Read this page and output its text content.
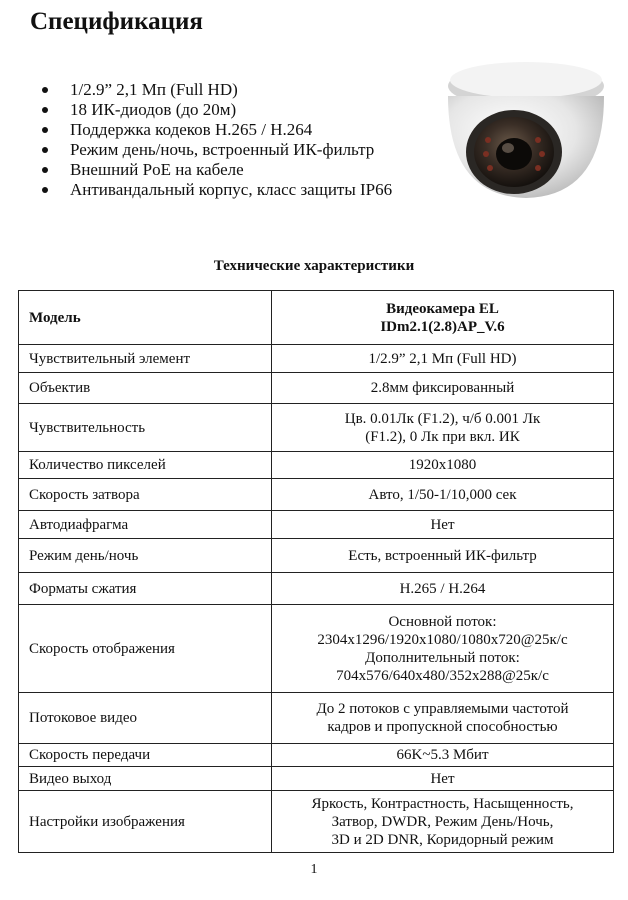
Спецификация
1/2.9” 2,1 Мп (Full HD)
18 ИК-диодов (до 20м)
Поддержка кодеков H.265 / H.264
Режим день/ночь, встроенный ИК-фильтр
Внешний PoE на кабеле
Антивандальный корпус, класс защиты IP66
Технические характеристики
Модель	Видеокамера EL
IDm2.1(2.8)AP_V.6
Чувствительный элемент	1/2.9” 2,1 Мп (Full HD)
Объектив	2.8мм фиксированный
Чувствительность	Цв. 0.01Лк (F1.2), ч/б 0.001 Лк
(F1.2), 0 Лк при вкл. ИК
Количество пикселей	1920x1080
Скорость затвора	Авто, 1/50-1/10,000 сек
Автодиафрагма	Нет
Режим день/ночь	Есть, встроенный ИК-фильтр
Форматы сжатия	H.265 / H.264
Скорость отображения	Основной поток:
2304x1296/1920x1080/1080x720@25к/с
Дополнительный поток:
704x576/640x480/352x288@25к/с
Потоковое видео	До 2 потоков с управляемыми частотой
кадров и пропускной способностью
Скорость передачи	66K~5.3 Мбит
Видео выход	Нет
Настройки изображения	Яркость, Контрастность, Насыщенность,
Затвор, DWDR, Режим День/Ночь,
3D и 2D DNR, Коридорный режим
1
